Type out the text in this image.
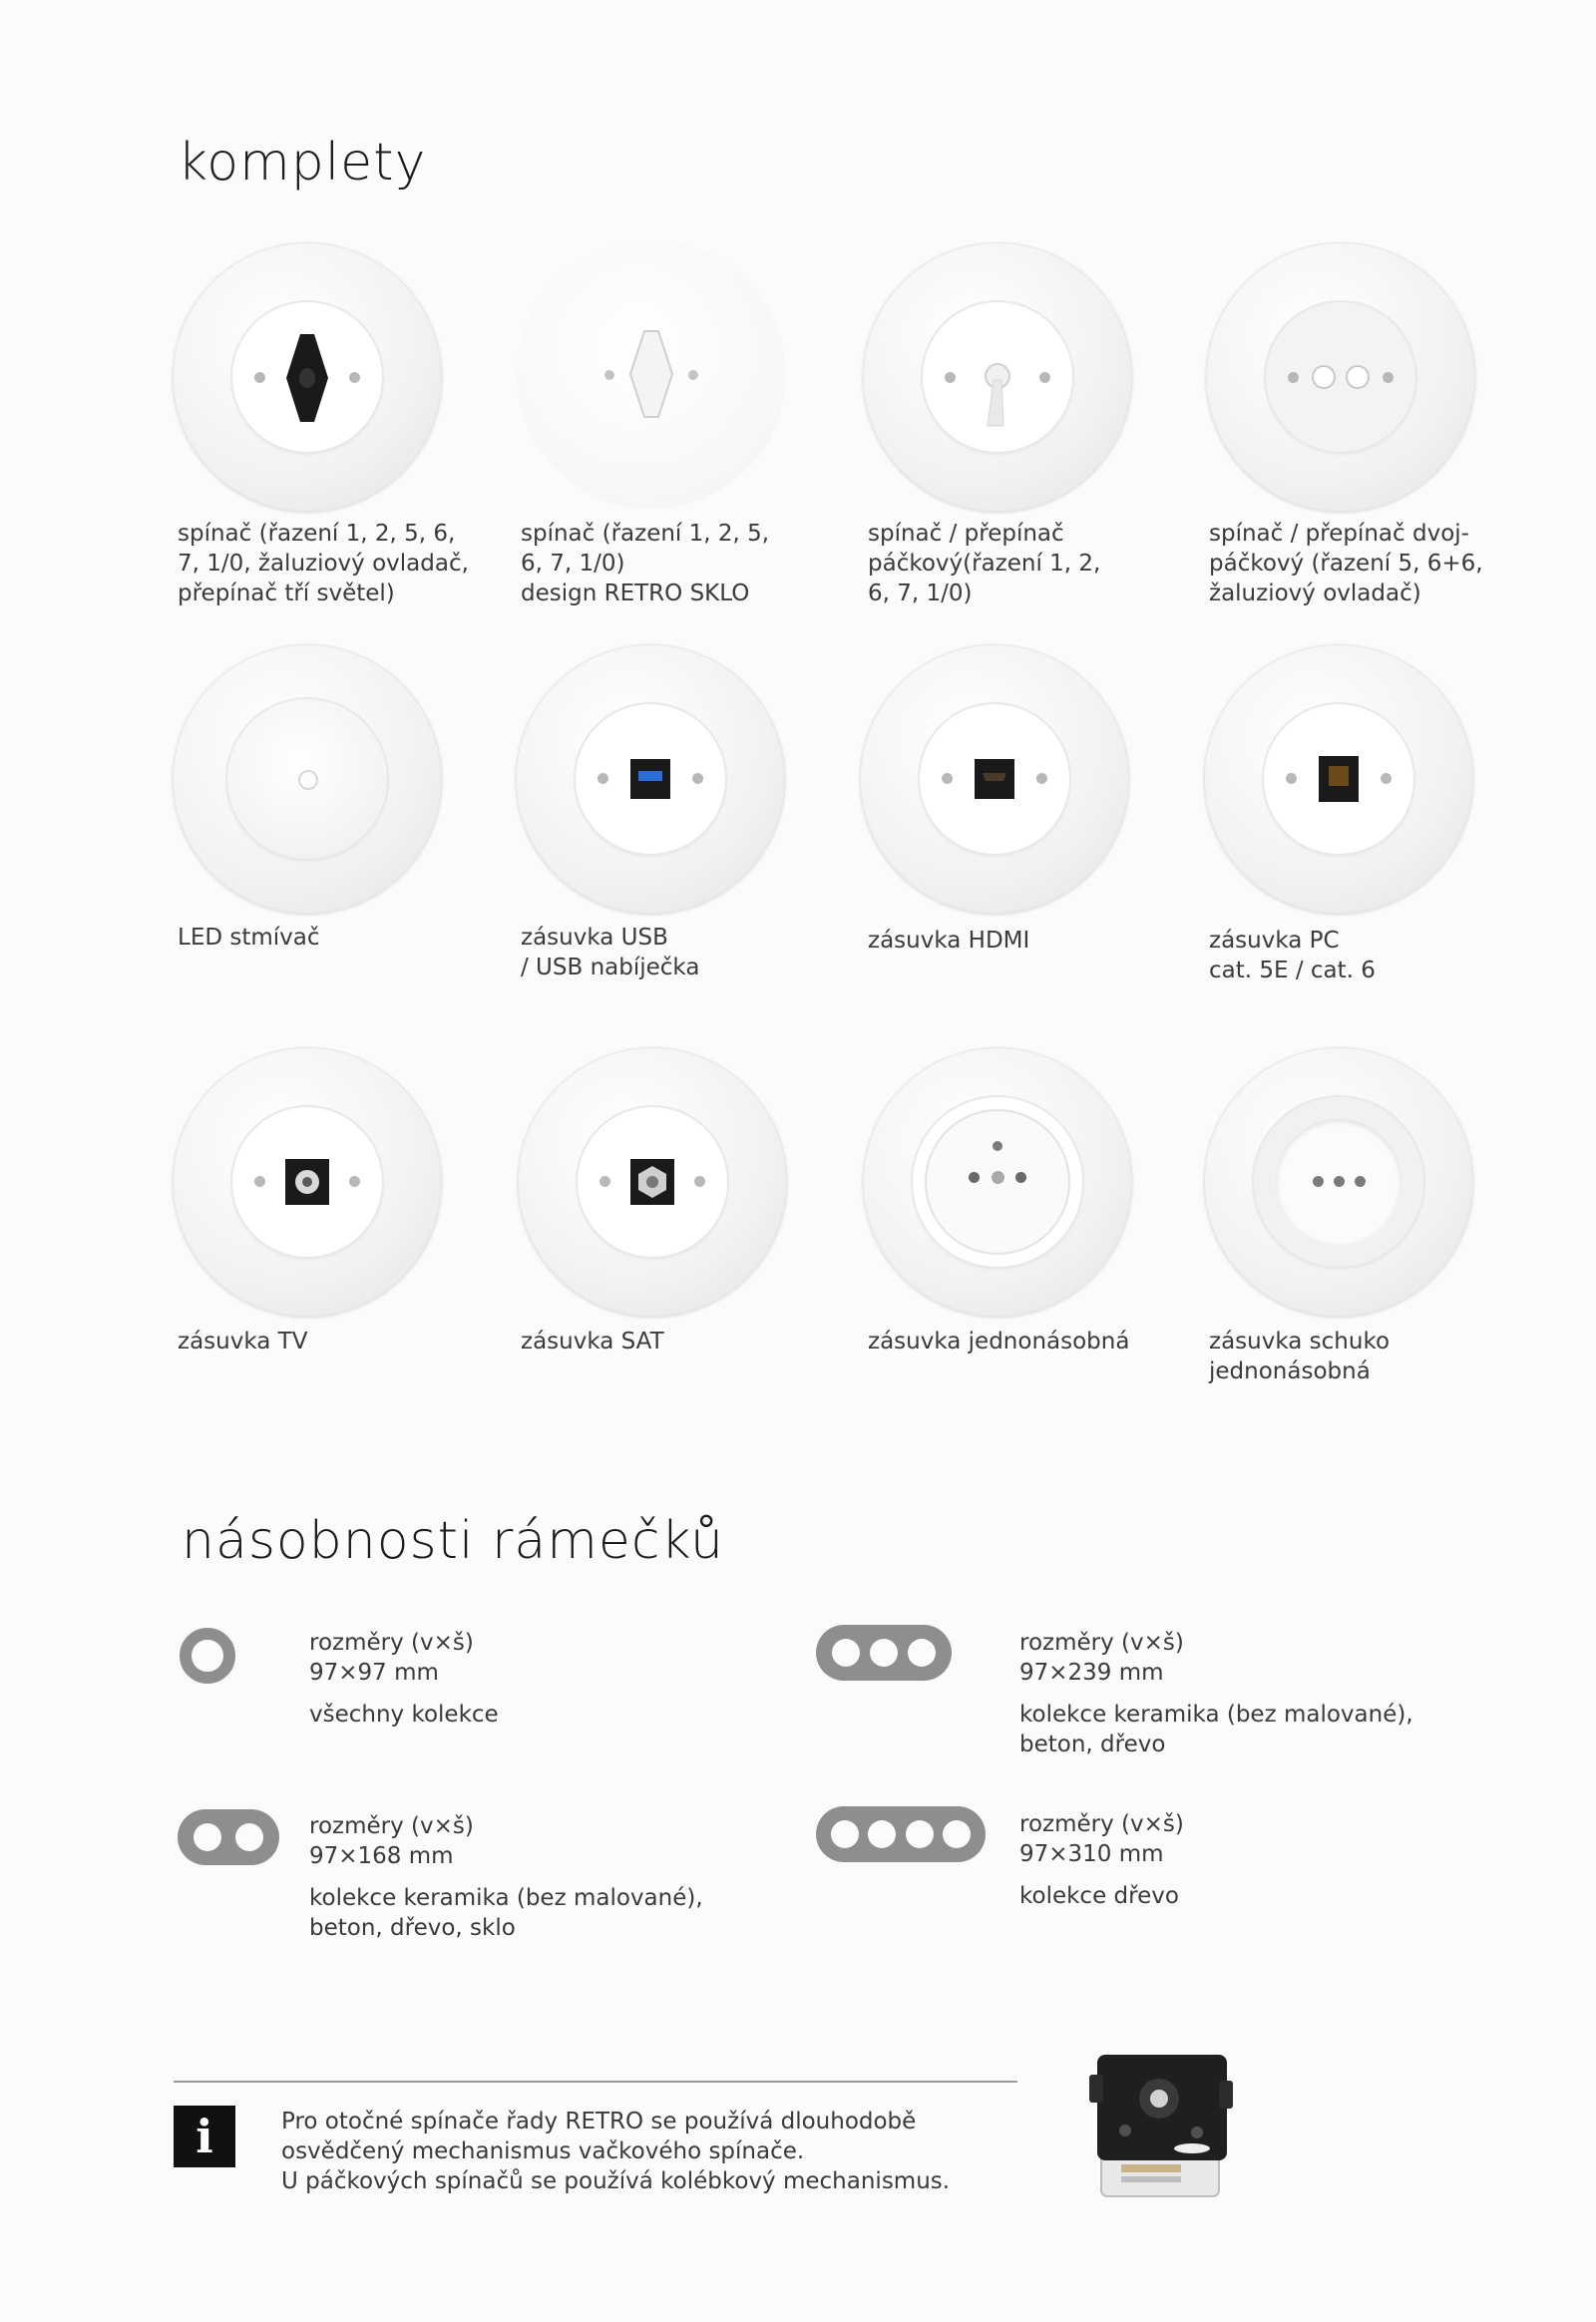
komplety
spínač (řazení 1, 2, 5, 6,
7, 1/0, žaluziový ovladač,
přepínač tří světel)
spínač (řazení 1, 2, 5,
6, 7, 1/0)
design RETRO SKLO
spínač / přepínač
páčkový(řazení 1, 2,
6, 7, 1/0)
spínač / přepínač dvoj-
páčkový (řazení 5, 6+6,
žaluziový ovladač)
LED stmívač	zásuvka USB
/ USB nabíječka
zásuvka HDMI	zásuvka PC
cat. 5E / cat. 6
zásuvka TV	zásuvka SAT	zásuvka jednonásobná	zásuvka schuko
jednonásobná
násobnosti rámečků
rozměry (v×š)
97×97 mm
všechny kolekce
rozměry (v×š)
97×239 mm
kolekce keramika (bez malované),
beton, dřevo
rozměry (v×š)
97×168 mm
kolekce keramika (bez malované),
beton, dřevo, sklo
rozměry (v×š)
97×310 mm
kolekce dřevo
i	Pro otočné spínače řady RETRO se používá dlouhodobě
osvědčený mechanismus vačkového spínače.
U páčkových spínačů se používá kolébkový mechanismus.
